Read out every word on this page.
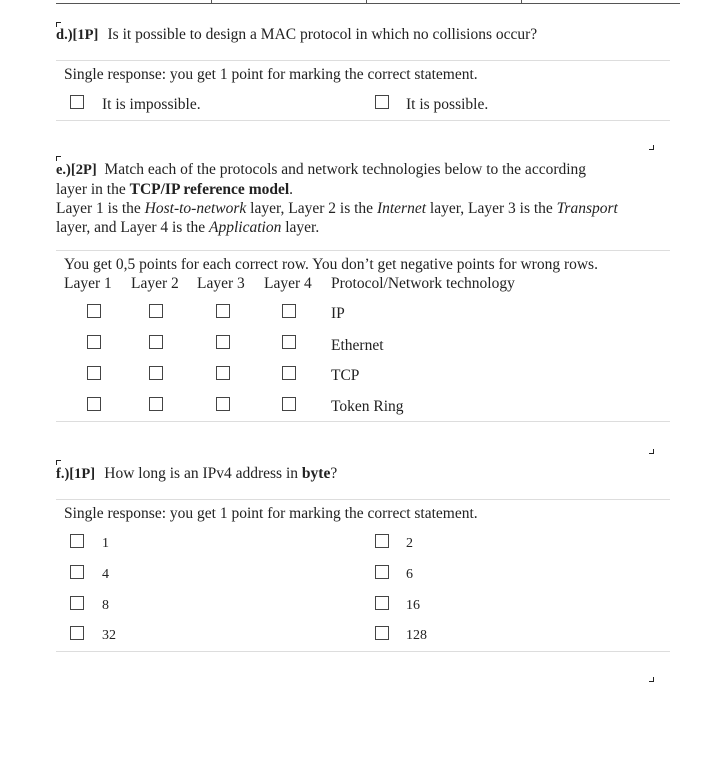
d.)[1P] Is it possible to design a MAC protocol in which no collisions occur?
Single response: you get 1 point for marking the correct statement.
It is impossible.	It is possible.
e.)[2P] Match each of the protocols and network technologies below to the according
layer in the TCP/IP reference model.
Layer 1 is the Host-to-network layer, Layer 2 is the Internet layer, Layer 3 is the Transport
layer, and Layer 4 is the Application layer.
You get 0,5 points for each correct row. You don’t get negative points for wrong rows.
Layer 1 Layer 2 Layer 3 Layer 4 Protocol/Network technology
IP
Ethernet
TCP
Token Ring
f.)[1P] How long is an IPv4 address in byte?
Single response: you get 1 point for marking the correct statement.
1	2
4	6
8	16
32	128
